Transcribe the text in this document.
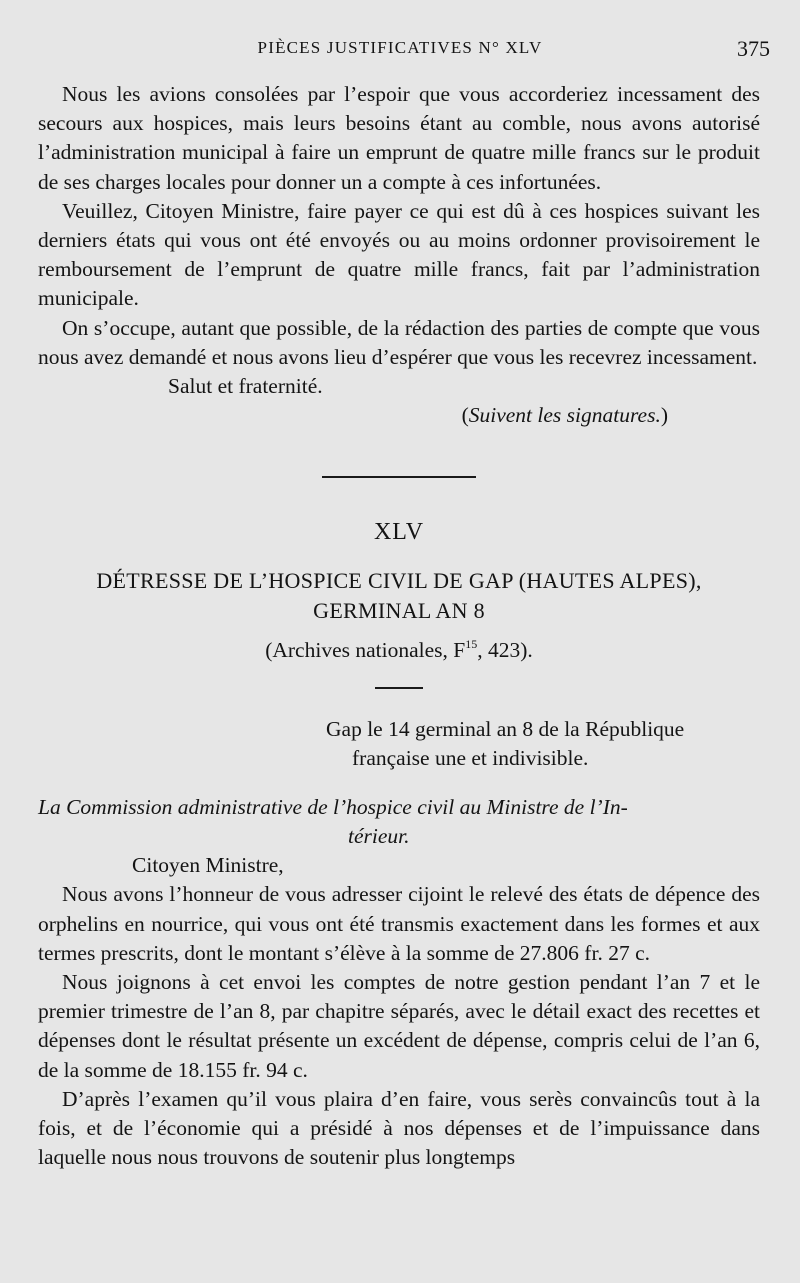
PIÈCES JUSTIFICATIVES N° XLV	375

Nous les avions consolées par l’espoir que vous accorderiez incessament des secours aux hospices, mais leurs besoins étant au comble, nous avons autorisé l’administration municipal à faire un emprunt de quatre mille francs sur le produit de ses charges locales pour donner un a compte à ces infortunées.

Veuillez, Citoyen Ministre, faire payer ce qui est dû à ces hospices suivant les derniers états qui vous ont été envoyés ou au moins ordonner provisoirement le remboursement de l’emprunt de quatre mille francs, fait par l’administration municipale.

On s’occupe, autant que possible, de la rédaction des parties de compte que vous nous avez demandé et nous avons lieu d’espérer que vous les recevrez incessament.

Salut et fraternité.

(Suivent les signatures.)

XLV

DÉTRESSE DE L’HOSPICE CIVIL DE GAP (HAUTES ALPES),
GERMINAL AN 8

(Archives nationales, $F^{15}$, 423).

Gap le 14 germinal an 8 de la République
française une et indivisible.

La Commission administrative de l’hospice civil au Ministre de l’In-
térieur.

Citoyen Ministre,

Nous avons l’honneur de vous adresser cijoint le relevé des états de dépence des orphelins en nourrice, qui vous ont été transmis exactement dans les formes et aux termes prescrits, dont le montant s’élève à la somme de 27.806 fr. 27 c.

Nous joignons à cet envoi les comptes de notre gestion pendant l’an 7 et le premier trimestre de l’an 8, par chapitre séparés, avec le détail exact des recettes et dépenses dont le résultat présente un excédent de dépense, compris celui de l’an 6, de la somme de 18.155 fr. 94 c.

D’après l’examen qu’il vous plaira d’en faire, vous serès convaincûs tout à la fois, et de l’économie qui a présidé à nos dépenses et de l’impuissance dans laquelle nous nous trouvons de soutenir plus longtemps
